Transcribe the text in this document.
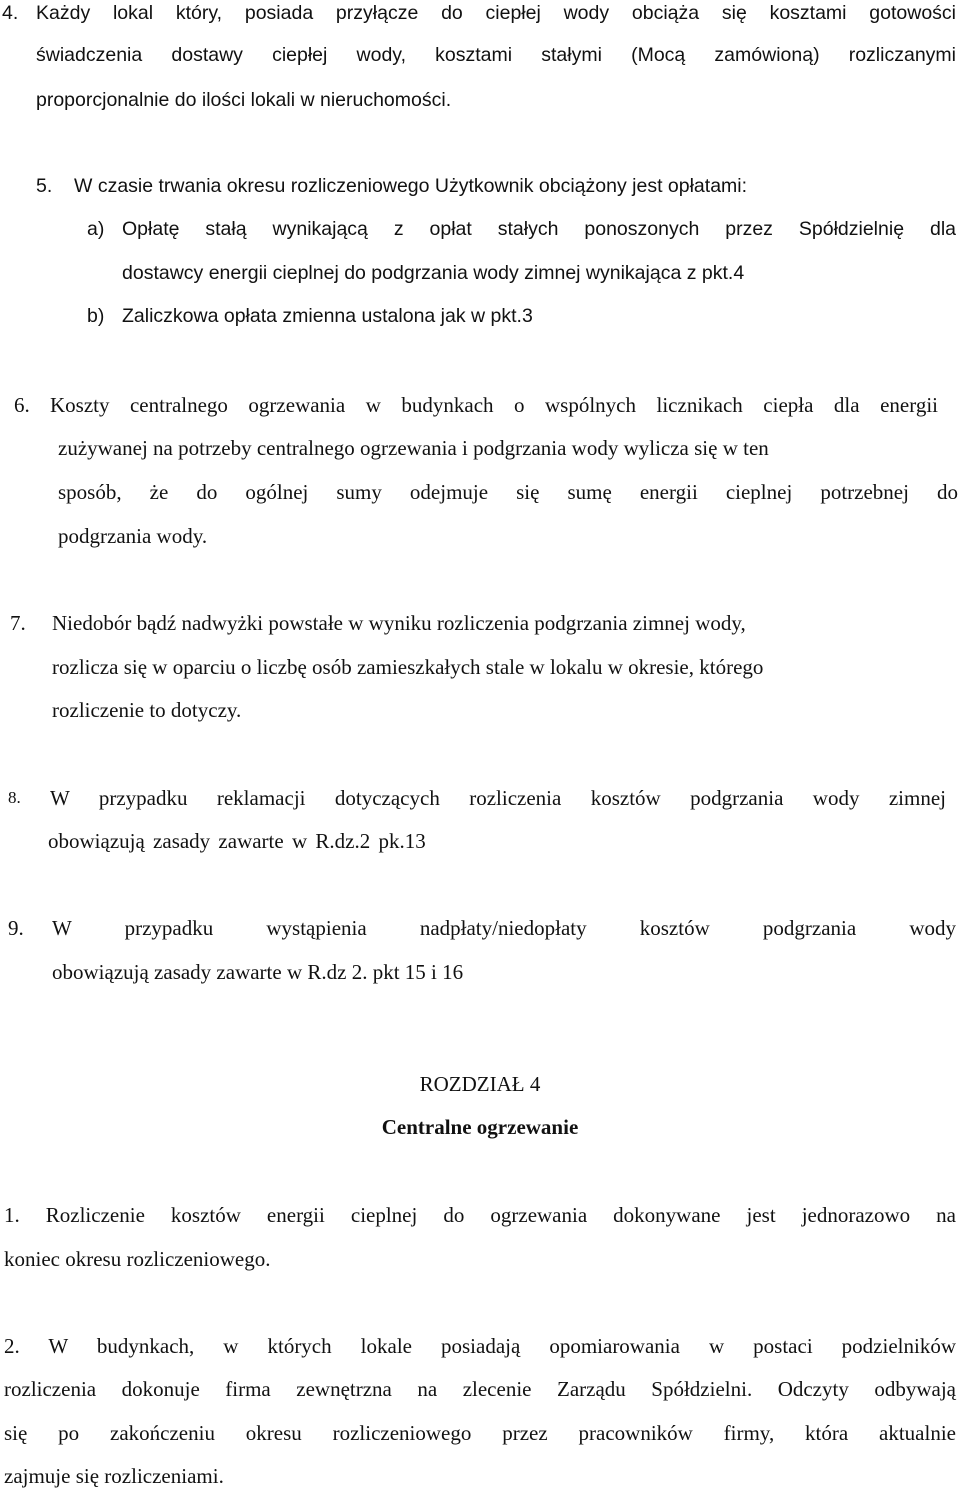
4. Każdy lokal który, posiada przyłącze do ciepłej wody obciąża się kosztami gotowości
świadczenia dostawy ciepłej wody, kosztami stałymi (Mocą zamówioną) rozliczanymi
proporcjonalnie do ilości lokali w nieruchomości.
5. W czasie trwania okresu rozliczeniowego Użytkownik obciążony jest opłatami:
a) Opłatę stałą wynikającą z opłat stałych ponoszonych przez Spółdzielnię dla
dostawcy energii cieplnej do podgrzania wody zimnej wynikająca z pkt.4
b) Zaliczkowa opłata zmienna ustalona jak w pkt.3
6. Koszty centralnego ogrzewania w budynkach o wspólnych licznikach ciepła dla energii
zużywanej na potrzeby centralnego ogrzewania i podgrzania wody wylicza się w ten
sposób, że do ogólnej sumy odejmuje się sumę energii cieplnej potrzebnej do
podgrzania wody.
7. Niedobór bądź nadwyżki powstałe w wyniku rozliczenia podgrzania zimnej wody,
rozlicza się w oparciu o liczbę osób zamieszkałych stale w lokalu w okresie, którego
rozliczenie to dotyczy.
8. W przypadku reklamacji dotyczących rozliczenia kosztów podgrzania wody zimnej
obowiązują zasady zawarte w R.dz.2 pk.13
9. W przypadku wystąpienia nadpłaty/niedopłaty kosztów podgrzania wody
obowiązują zasady zawarte w R.dz 2. pkt 15 i 16
ROZDZIAŁ 4
Centralne ogrzewanie
1. Rozliczenie kosztów energii cieplnej do ogrzewania dokonywane jest jednorazowo na
koniec okresu rozliczeniowego.
2. W budynkach, w których lokale posiadają opomiarowania w postaci podzielników
rozliczenia dokonuje firma zewnętrzna na zlecenie Zarządu Spółdzielni. Odczyty odbywają
się po zakończeniu okresu rozliczeniowego przez pracowników firmy, która aktualnie
zajmuje się rozliczeniami.
